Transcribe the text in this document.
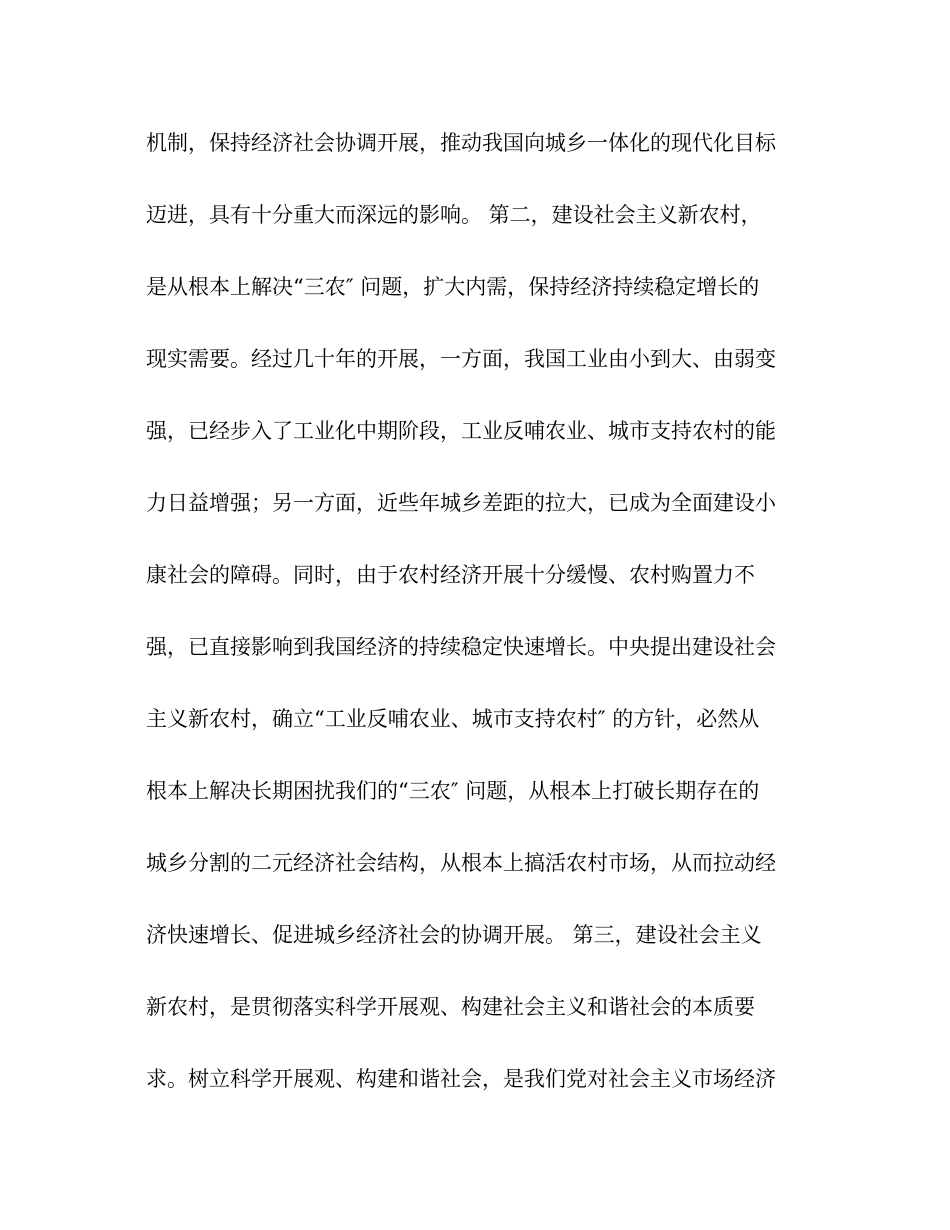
机制，保持经济社会协调开展，推动我国向城乡一体化的现代化目标
迈进，具有十分重大而深远的影响。 第二，建设社会主义新农村，
是从根本上解决“三农″ 问题，扩大内需，保持经济持续稳定增长的
现实需要。经过几十年的开展，一方面，我国工业由小到大、由弱变
强，已经步入了工业化中期阶段，工业反哺农业、城市支持农村的能
力日益增强；另一方面，近些年城乡差距的拉大，已成为全面建设小
康社会的障碍。同时，由于农村经济开展十分缓慢、农村购置力不
强，已直接影响到我国经济的持续稳定快速增长。中央提出建设社会
主义新农村，确立“工业反哺农业、城市支持农村″ 的方针，必然从
根本上解决长期困扰我们的“三农″ 问题，从根本上打破长期存在的
城乡分割的二元经济社会结构，从根本上搞活农村市场，从而拉动经
济快速增长、促进城乡经济社会的协调开展。 第三，建设社会主义
新农村，是贯彻落实科学开展观、构建社会主义和谐社会的本质要
求。树立科学开展观、构建和谐社会，是我们党对社会主义市场经济
